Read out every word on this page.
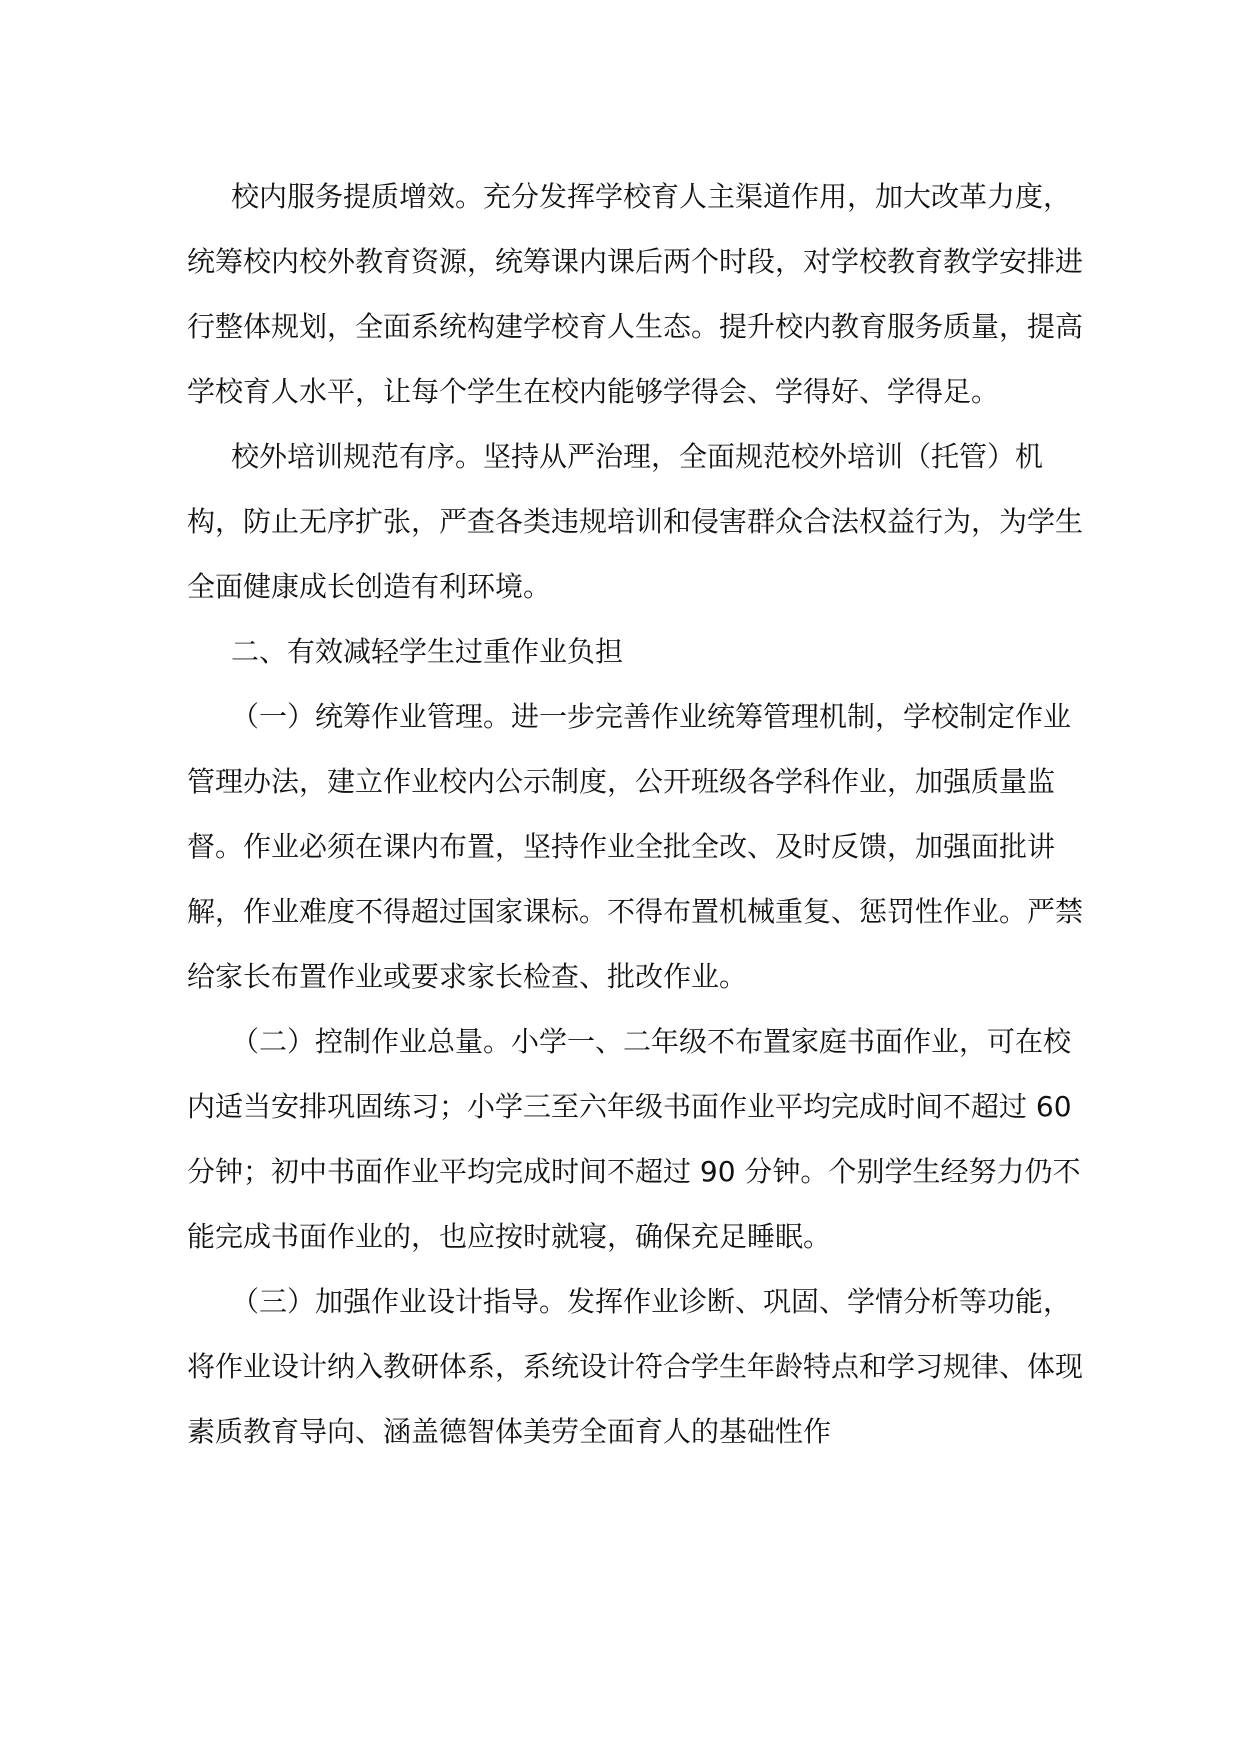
校内服务提质增效。充分发挥学校育人主渠道作用，加大改革力度，统筹校内校外教育资源，统筹课内课后两个时段，对学校教育教学安排进行整体规划，全面系统构建学校育人生态。提升校内教育服务质量，提高学校育人水平，让每个学生在校内能够学得会、学得好、学得足。

校外培训规范有序。坚持从严治理，全面规范校外培训（托管）机构，防止无序扩张，严查各类违规培训和侵害群众合法权益行为，为学生全面健康成长创造有利环境。

二、有效减轻学生过重作业负担

（一）统筹作业管理。进一步完善作业统筹管理机制，学校制定作业管理办法，建立作业校内公示制度，公开班级各学科作业，加强质量监督。作业必须在课内布置，坚持作业全批全改、及时反馈，加强面批讲解，作业难度不得超过国家课标。不得布置机械重复、惩罚性作业。严禁给家长布置作业或要求家长检查、批改作业。

（二）控制作业总量。小学一、二年级不布置家庭书面作业，可在校内适当安排巩固练习；小学三至六年级书面作业平均完成时间不超过 60 分钟；初中书面作业平均完成时间不超过 90 分钟。个别学生经努力仍不能完成书面作业的，也应按时就寝，确保充足睡眠。

（三）加强作业设计指导。发挥作业诊断、巩固、学情分析等功能，将作业设计纳入教研体系，系统设计符合学生年龄特点和学习规律、体现素质教育导向、涵盖德智体美劳全面育人的基础性作
